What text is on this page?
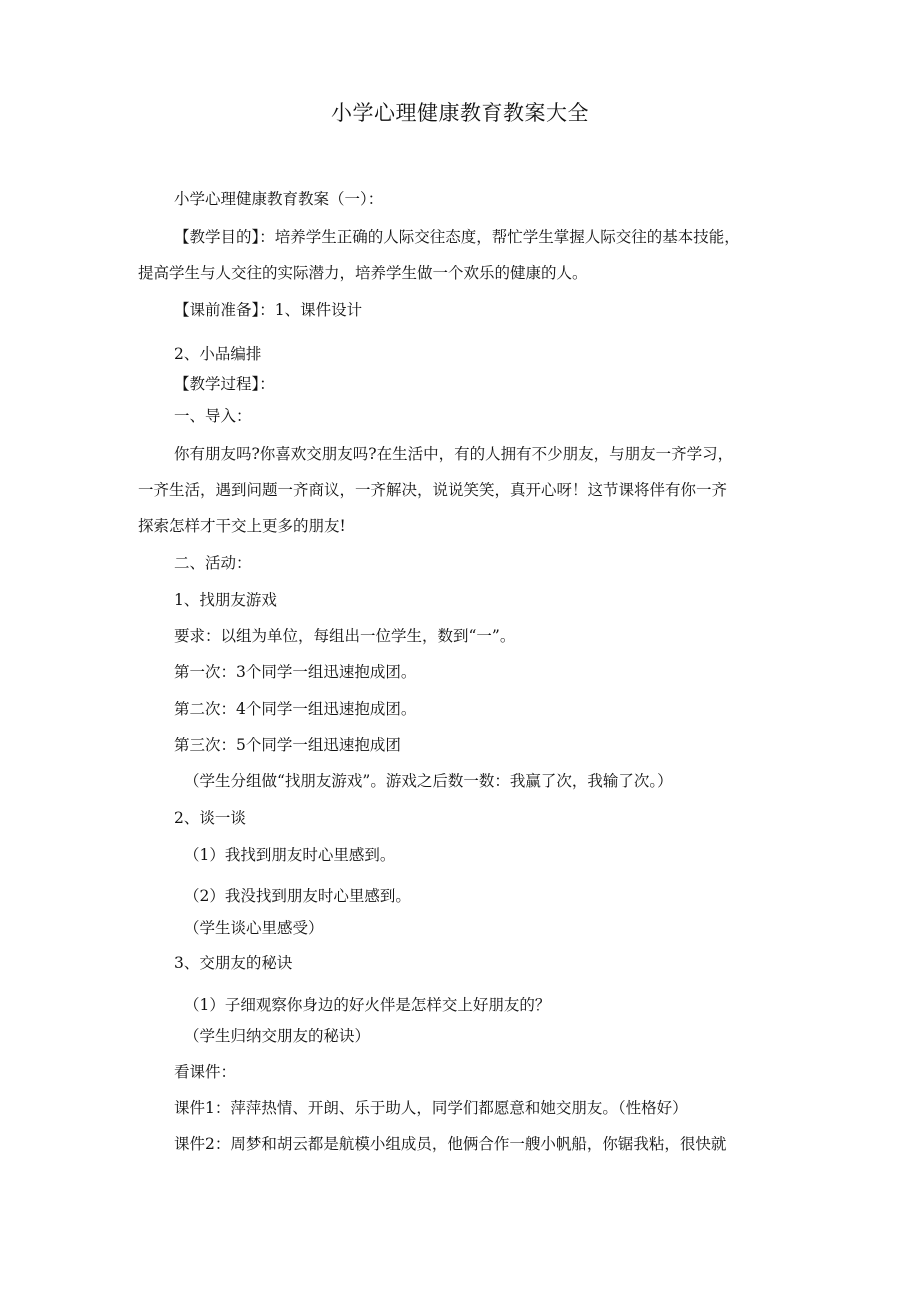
小学心理健康教育教案大全

小学心理健康教育教案（一）：

【教学目的】：培养学生正确的人际交往态度，帮忙学生掌握人际交往的基本技能，

提高学生与人交往的实际潜力，培养学生做一个欢乐的健康的人。

【课前准备】：1、课件设计

2、小品编排

【教学过程】：

一、导入：

你有朋友吗?你喜欢交朋友吗?在生活中，有的人拥有不少朋友，与朋友一齐学习，

一齐生活，遇到问题一齐商议，一齐解决，说说笑笑，真开心呀！这节课将伴有你一齐

探索怎样才干交上更多的朋友!

二、活动：

1、找朋友游戏

要求：以组为单位，每组出一位学生，数到“一”。

第一次：3个同学一组迅速抱成团。

第二次：4个同学一组迅速抱成团。

第三次：5个同学一组迅速抱成团

（学生分组做“找朋友游戏”。游戏之后数一数：我赢了次，我输了次。）

2、谈一谈

（1）我找到朋友时心里感到。

（2）我没找到朋友时心里感到。

（学生谈心里感受）

3、交朋友的秘诀

（1）子细观察你身边的好火伴是怎样交上好朋友的？

（学生归纳交朋友的秘诀）

看课件：

课件1：萍萍热情、开朗、乐于助人，同学们都愿意和她交朋友。（性格好）

课件2：周梦和胡云都是航模小组成员，他俩合作一艘小帆船，你锯我粘，很快就
